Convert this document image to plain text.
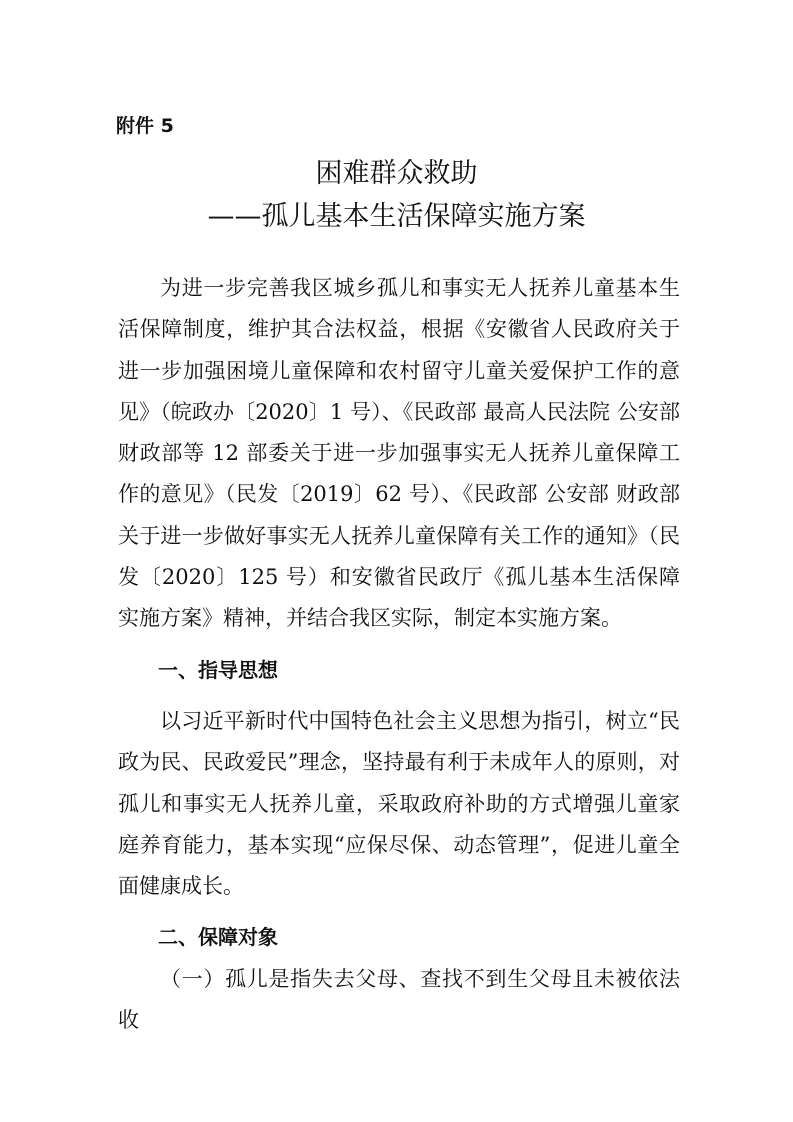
附件 5

困难群众救助
——孤儿基本生活保障实施方案

为进一步完善我区城乡孤儿和事实无人抚养儿童基本生活保障制度，维护其合法权益，根据《安徽省人民政府关于进一步加强困境儿童保障和农村留守儿童关爱保护工作的意见》（皖政办〔2020〕1 号）、《民政部 最高人民法院 公安部 财政部等 12 部委关于进一步加强事实无人抚养儿童保障工作的意见》（民发〔2019〕62 号）、《民政部 公安部 财政部关于进一步做好事实无人抚养儿童保障有关工作的通知》（民发〔2020〕125 号）和安徽省民政厅《孤儿基本生活保障实施方案》精神，并结合我区实际，制定本实施方案。

一、指导思想

以习近平新时代中国特色社会主义思想为指引，树立“民政为民、民政爱民”理念，坚持最有利于未成年人的原则，对孤儿和事实无人抚养儿童，采取政府补助的方式增强儿童家庭养育能力，基本实现“应保尽保、动态管理”，促进儿童全面健康成长。

二、保障对象

（一）孤儿是指失去父母、查找不到生父母且未被依法收
